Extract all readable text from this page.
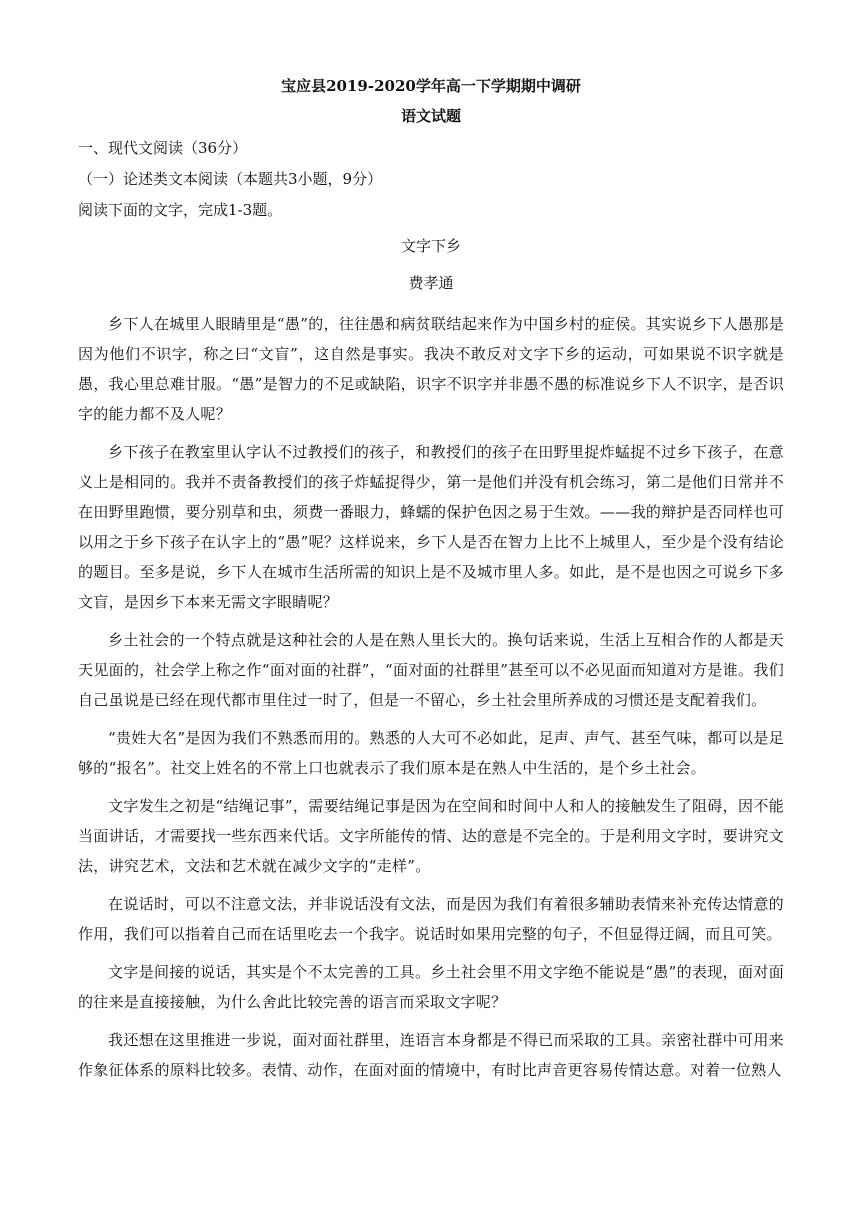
宝应县2019-2020学年高一下学期期中调研

语文试题

一、现代文阅读（36分）

（一）论述类文本阅读（本题共3小题，9分）

阅读下面的文字，完成1-3题。

文字下乡

费孝通

乡下人在城里人眼睛里是“愚”的，往往愚和病贫联结起来作为中国乡村的症侯。其实说乡下人愚那是因为他们不识字，称之曰“文盲”，这自然是事实。我决不敢反对文字下乡的运动，可如果说不识字就是愚，我心里总难甘服。“愚”是智力的不足或缺陷，识字不识字并非愚不愚的标准说乡下人不识字，是否识字的能力都不及人呢？

乡下孩子在教室里认字认不过教授们的孩子，和教授们的孩子在田野里捉炸蜢捉不过乡下孩子，在意义上是相同的。我并不责备教授们的孩子炸蜢捉得少，第一是他们并没有机会练习，第二是他们日常并不在田野里跑惯，要分别草和虫，须费一番眼力，蜂蠕的保护色因之易于生效。——我的辩护是否同样也可以用之于乡下孩子在认字上的“愚”呢？这样说来，乡下人是否在智力上比不上城里人，至少是个没有结论的题目。至多是说，乡下人在城市生活所需的知识上是不及城市里人多。如此，是不是也因之可说乡下多文盲，是因乡下本来无需文字眼睛呢？

乡土社会的一个特点就是这种社会的人是在熟人里长大的。换句话来说，生活上互相合作的人都是天天见面的，社会学上称之作“面对面的社群”，“面对面的社群里”甚至可以不必见面而知道对方是谁。我们自己虽说是已经在现代都市里住过一时了，但是一不留心，乡土社会里所养成的习惯还是支配着我们。

“贵姓大名”是因为我们不熟悉而用的。熟悉的人大可不必如此，足声、声气、甚至气味，都可以是足够的“报名”。社交上姓名的不常上口也就表示了我们原本是在熟人中生活的，是个乡土社会。

文字发生之初是“结绳记事”，需要结绳记事是因为在空间和时间中人和人的接触发生了阻碍，因不能当面讲话，才需要找一些东西来代话。文字所能传的情、达的意是不完全的。于是利用文字时，要讲究文法，讲究艺术，文法和艺术就在减少文字的“走样”。

在说话时，可以不注意文法，并非说话没有文法，而是因为我们有着很多辅助表情来补充传达情意的作用，我们可以指着自己而在话里吃去一个我字。说话时如果用完整的句子，不但显得迂阔，而且可笑。

文字是间接的说话，其实是个不太完善的工具。乡土社会里不用文字绝不能说是“愚”的表现，面对面的往来是直接接触，为什么舍此比较完善的语言而采取文字呢？

我还想在这里推进一步说，面对面社群里，连语言本身都是不得已而采取的工具。亲密社群中可用来作象征体系的原料比较多。表情、动作，在面对面的情境中，有时比声音更容易传情达意。对着一位熟人
